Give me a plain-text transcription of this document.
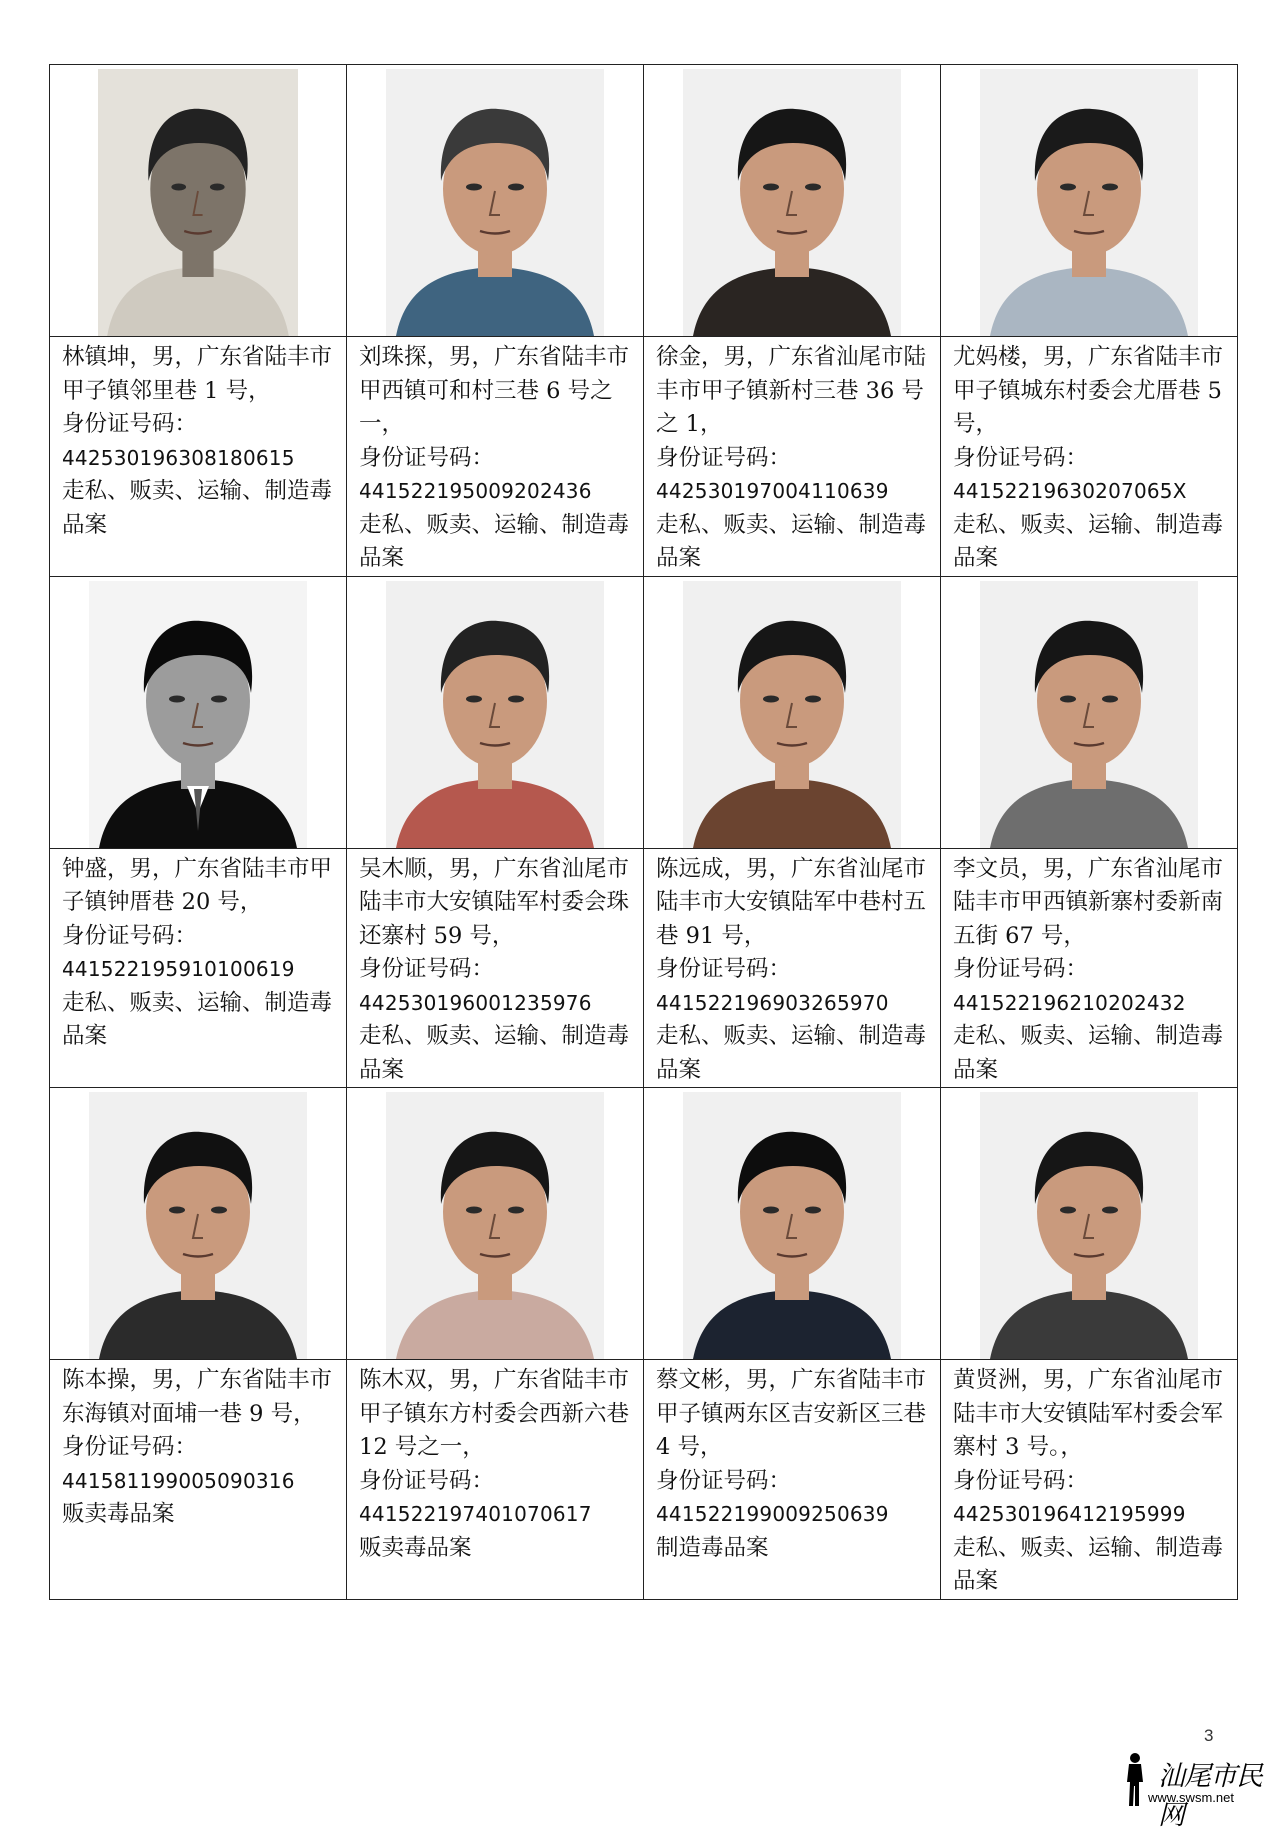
林镇坤，男，广东省陆丰市甲子镇邻里巷 1 号，
身份证号码：
442530196308180615
走私、贩卖、运输、制造毒品案	刘珠探，男，广东省陆丰市甲西镇可和村三巷 6 号之一，
身份证号码：
441522195009202436
走私、贩卖、运输、制造毒品案	徐金，男，广东省汕尾市陆丰市甲子镇新村三巷 36 号之 1，
身份证号码：
442530197004110639
走私、贩卖、运输、制造毒品案	尤妈楼，男，广东省陆丰市甲子镇城东村委会尤厝巷 5 号，
身份证号码：
44152219630207065X
走私、贩卖、运输、制造毒品案

钟盛，男，广东省陆丰市甲子镇钟厝巷 20 号，
身份证号码：
441522195910100619
走私、贩卖、运输、制造毒品案	吴木顺，男，广东省汕尾市陆丰市大安镇陆军村委会珠还寨村 59 号，
身份证号码：
442530196001235976
走私、贩卖、运输、制造毒品案	陈远成，男，广东省汕尾市陆丰市大安镇陆军中巷村五巷 91 号，
身份证号码：
441522196903265970
走私、贩卖、运输、制造毒品案	李文员，男，广东省汕尾市陆丰市甲西镇新寨村委新南五街 67 号，
身份证号码：
441522196210202432
走私、贩卖、运输、制造毒品案

陈本操，男，广东省陆丰市东海镇对面埔一巷 9 号，
身份证号码：
441581199005090316
贩卖毒品案	陈木双，男，广东省陆丰市甲子镇东方村委会西新六巷 12 号之一，
身份证号码：
441522197401070617
贩卖毒品案	蔡文彬，男，广东省陆丰市甲子镇两东区吉安新区三巷 4 号，
身份证号码：
441522199009250639
制造毒品案	黄贤洲，男，广东省汕尾市陆丰市大安镇陆军村委会军寨村 3 号。，
身份证号码：
442530196412195999
走私、贩卖、运输、制造毒品案
3
汕尾市民网
www.swsm.net
